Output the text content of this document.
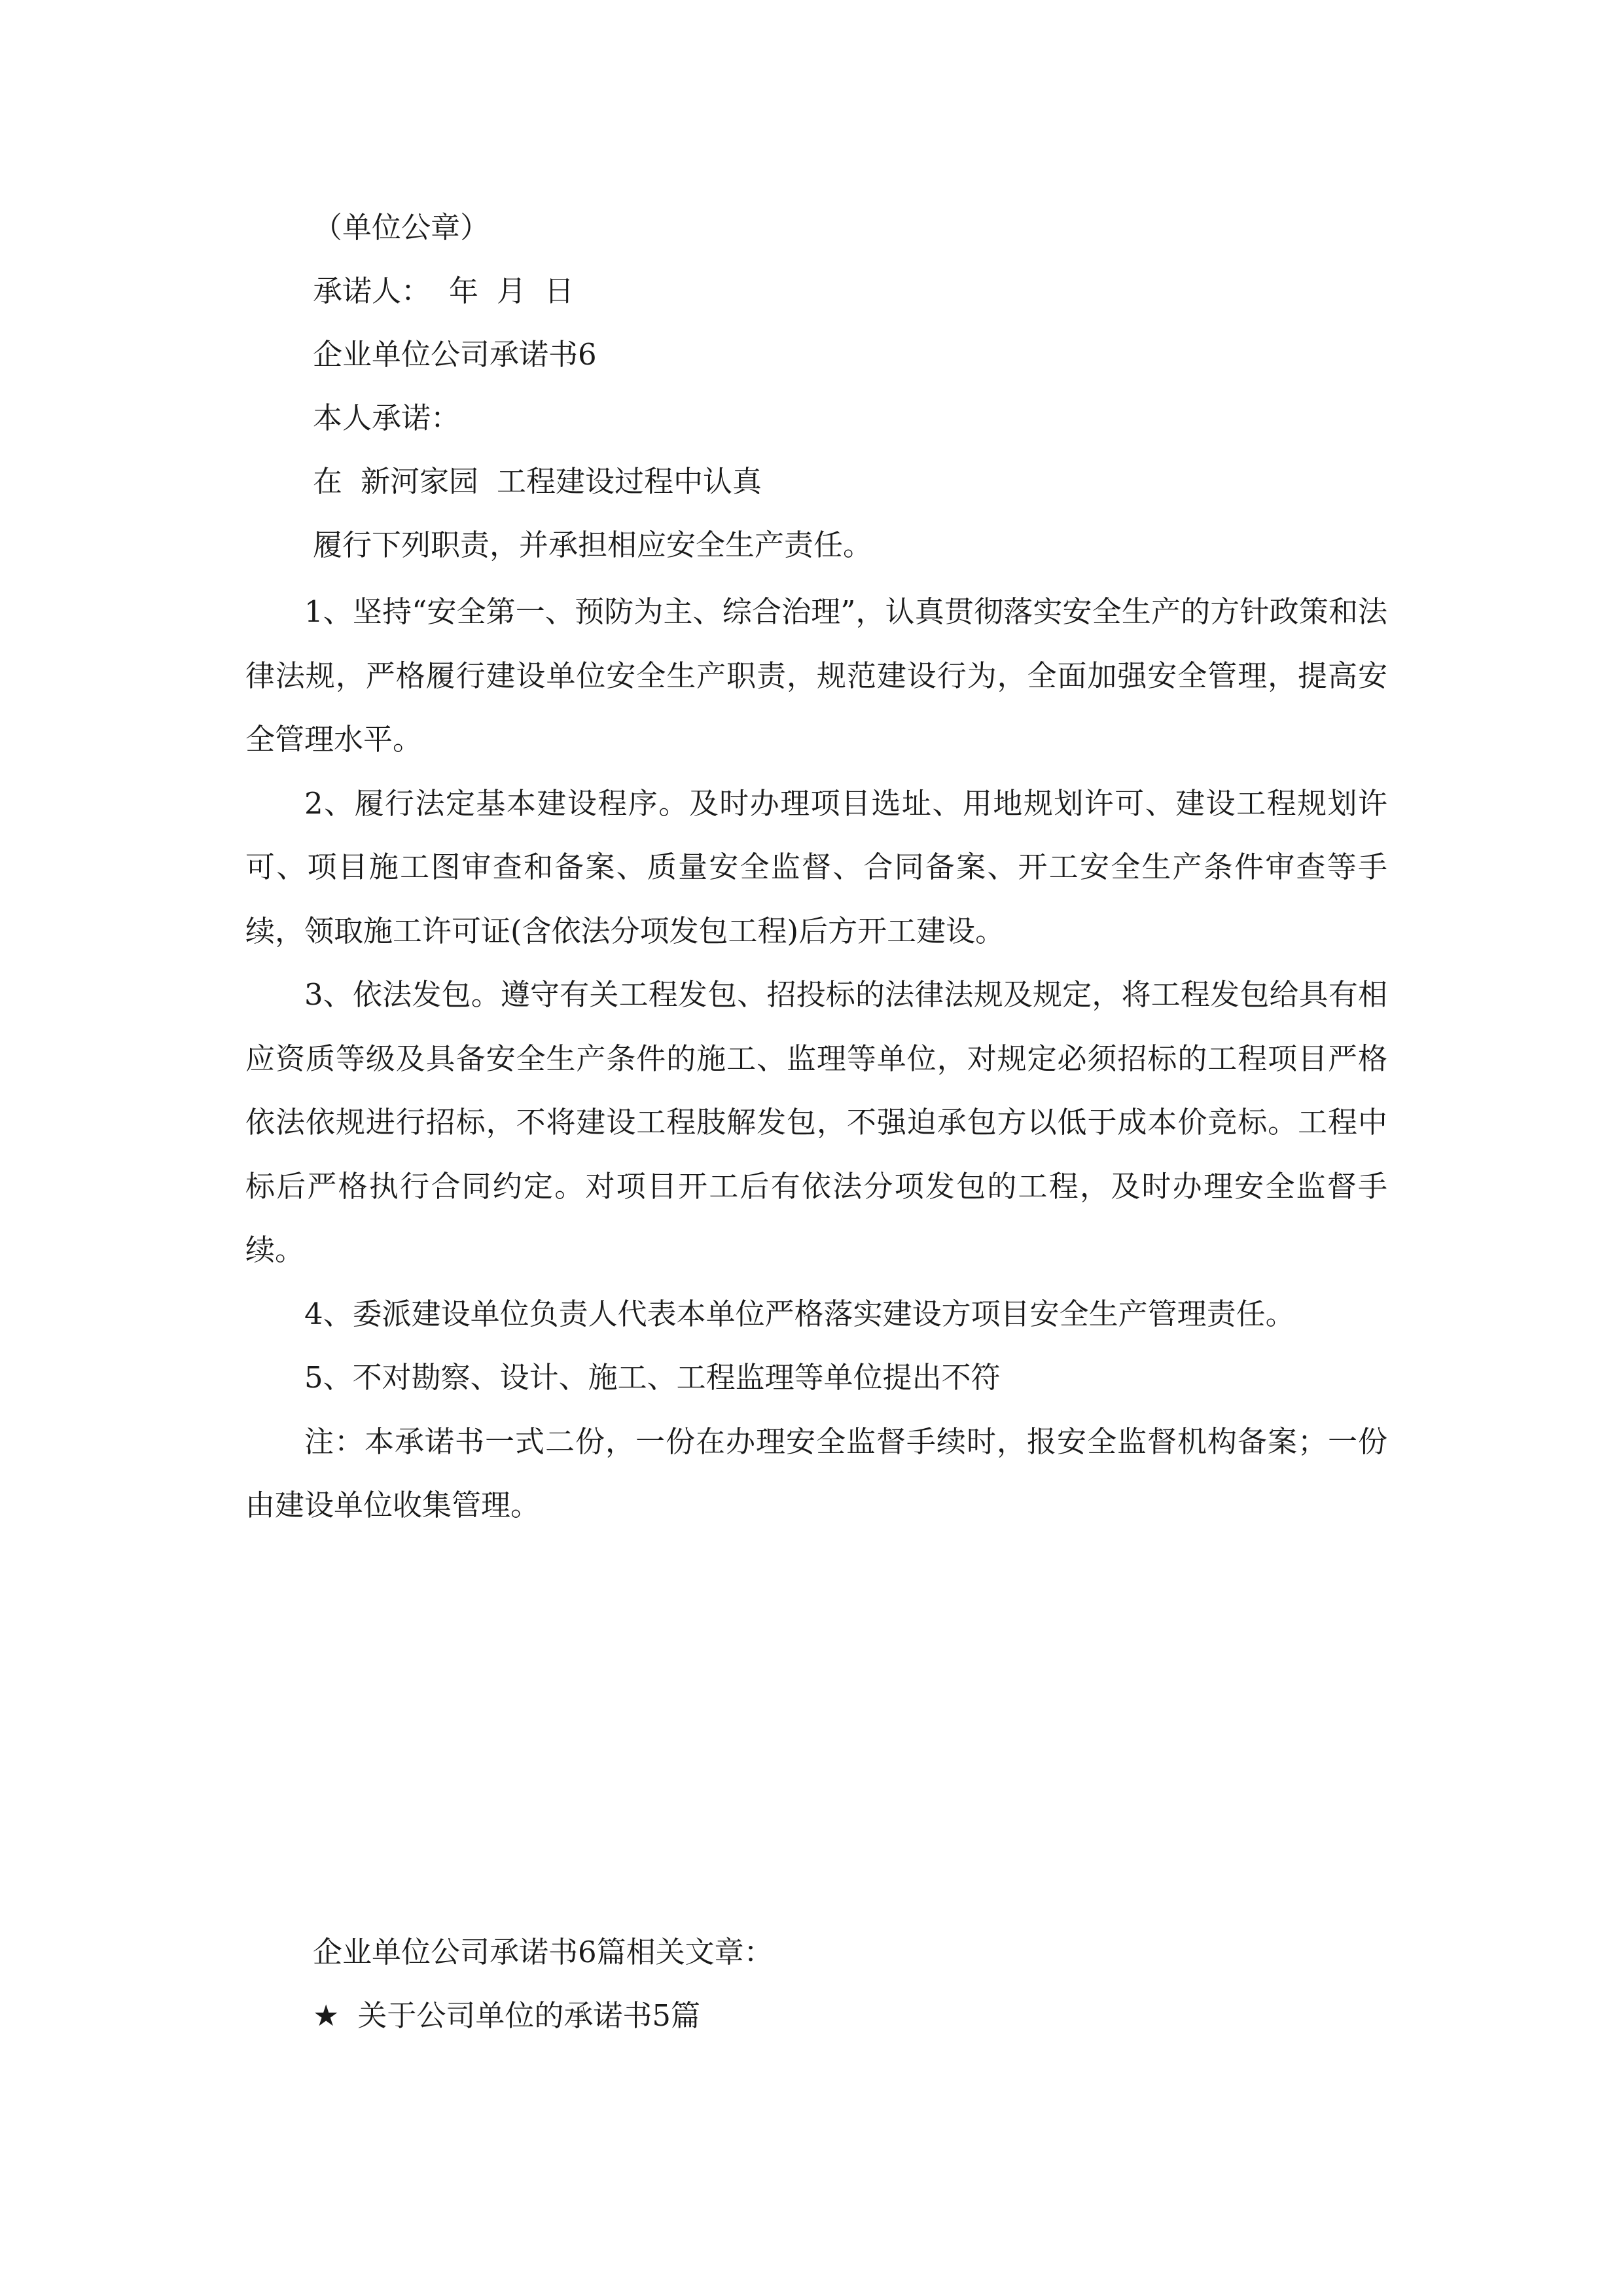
（单位公章）
承诺人： 年 月 日
企业单位公司承诺书6
本人承诺：
在 新河家园 工程建设过程中认真
履行下列职责，并承担相应安全生产责任。

1、坚持“安全第一、预防为主、综合治理”，认真贯彻落实安全生产的方针政策和法律法规，严格履行建设单位安全生产职责，规范建设行为，全面加强安全管理，提高安全管理水平。

2、履行法定基本建设程序。及时办理项目选址、用地规划许可、建设工程规划许可、项目施工图审查和备案、质量安全监督、合同备案、开工安全生产条件审查等手续，领取施工许可证(含依法分项发包工程)后方开工建设。

3、依法发包。遵守有关工程发包、招投标的法律法规及规定，将工程发包给具有相应资质等级及具备安全生产条件的施工、监理等单位，对规定必须招标的工程项目严格依法依规进行招标，不将建设工程肢解发包，不强迫承包方以低于成本价竞标。工程中标后严格执行合同约定。对项目开工后有依法分项发包的工程，及时办理安全监督手续。

4、委派建设单位负责人代表本单位严格落实建设方项目安全生产管理责任。

5、不对勘察、设计、施工、工程监理等单位提出不符

注：本承诺书一式二份，一份在办理安全监督手续时，报安全监督机构备案；一份由建设单位收集管理。

企业单位公司承诺书6篇相关文章：
★ 关于公司单位的承诺书5篇
